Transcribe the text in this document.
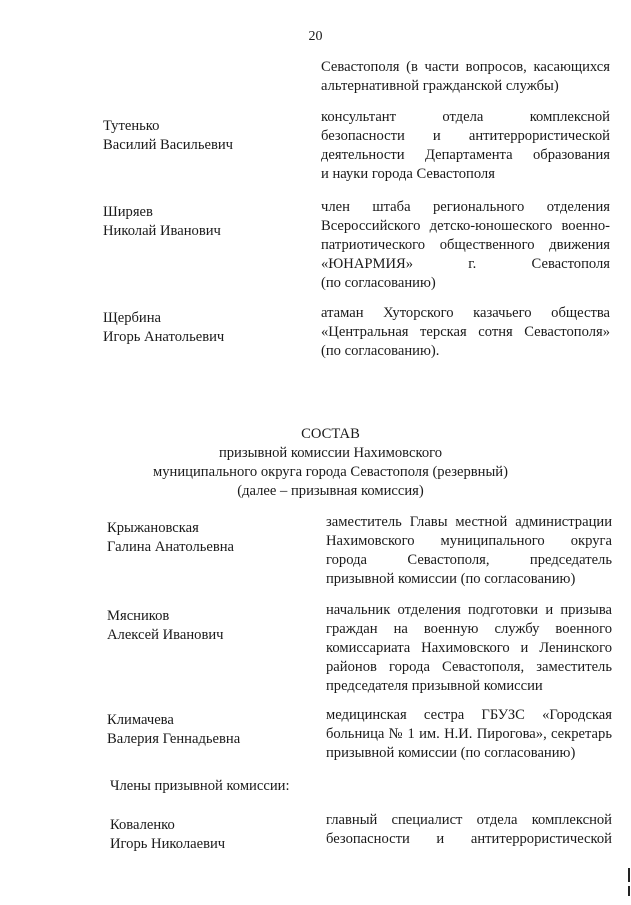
20
Севастополя (в части вопросов, касающихся
альтернативной гражданской службы)
Тутенько
Василий Васильевич
консультант отдела комплексной
безопасности и антитеррористической
деятельности Департамента образования
и науки города Севастополя
Ширяев
Николай Иванович
член штаба регионального отделения
Всероссийского детско-юношеского военно-
патриотического общественного движения
«ЮНАРМИЯ» г. Севастополя
(по согласованию)
Щербина
Игорь Анатольевич
атаман Хуторского казачьего общества
«Центральная терская сотня Севастополя»
(по согласованию).
СОСТАВ
призывной комиссии Нахимовского
муниципального округа города Севастополя (резервный)
(далее – призывная комиссия)
Крыжановская
Галина Анатольевна
заместитель Главы местной администрации
Нахимовского муниципального округа
города Севастополя, председатель
призывной комиссии (по согласованию)
Мясников
Алексей Иванович
начальник отделения подготовки и призыва
граждан на военную службу военного
комиссариата Нахимовского и Ленинского
районов города Севастополя, заместитель
председателя призывной комиссии
Климачева
Валерия Геннадьевна
медицинская сестра ГБУЗС «Городская
больница № 1 им. Н.И. Пирогова», секретарь
призывной комиссии (по согласованию)
Члены призывной комиссии:
Коваленко
Игорь Николаевич
главный специалист отдела комплексной
безопасности и антитеррористической
